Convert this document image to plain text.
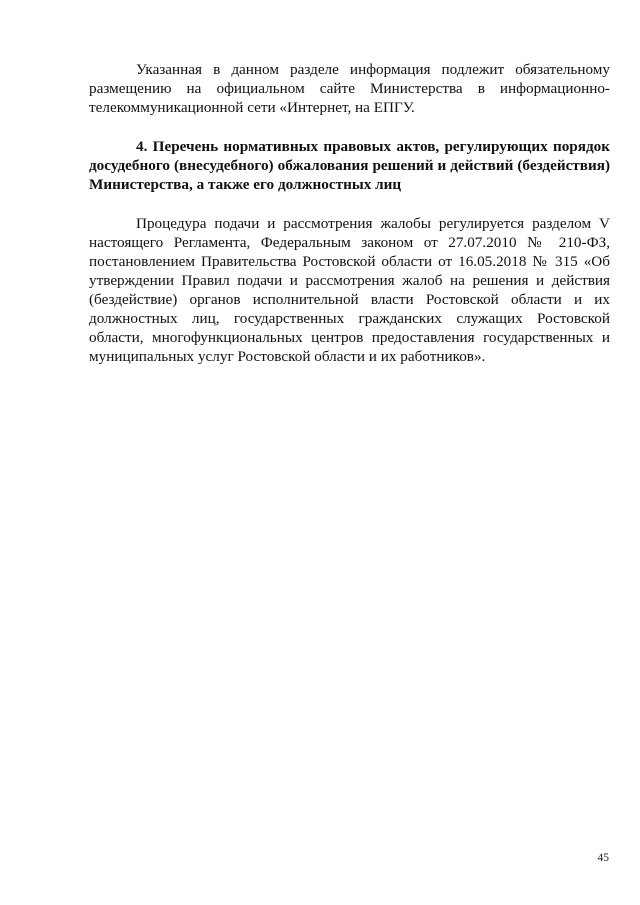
Указанная в данном разделе информация подлежит обязательному размещению на официальном сайте Министерства в информационно-телекоммуникационной сети «Интернет, на ЕПГУ.

4. Перечень нормативных правовых актов, регулирующих порядок досудебного (внесудебного) обжалования решений и действий (бездействия) Министерства, а также его должностных лиц

Процедура подачи и рассмотрения жалобы регулируется разделом V настоящего Регламента, Федеральным законом от 27.07.2010 № 210-ФЗ, постановлением Правительства Ростовской области от 16.05.2018 № 315 «Об утверждении Правил подачи и рассмотрения жалоб на решения и действия (бездействие) органов исполнительной власти Ростовской области и их должностных лиц, государственных гражданских служащих Ростовской области, многофункциональных центров предоставления государственных и муниципальных услуг Ростовской области и их работников».

45
